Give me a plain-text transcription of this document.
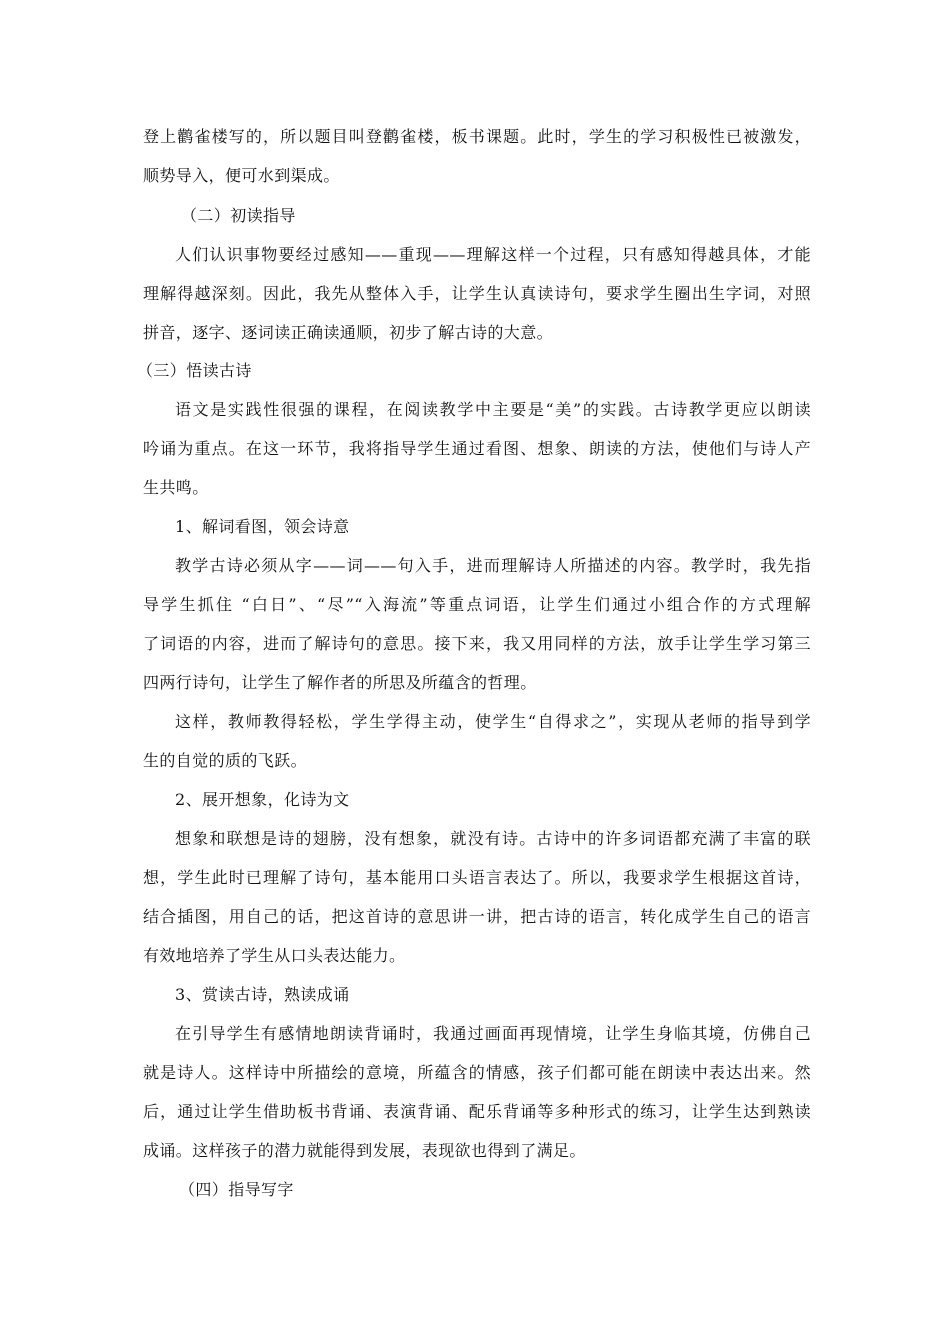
登上鹳雀楼写的，所以题目叫登鹳雀楼，板书课题。此时，学生的学习积极性已被激发，
顺势导入，便可水到渠成。
（二）初读指导
人们认识事物要经过感知——重现——理解这样一个过程，只有感知得越具体，才能
理解得越深刻。因此，我先从整体入手，让学生认真读诗句，要求学生圈出生字词，对照
拼音，逐字、逐词读正确读通顺，初步了解古诗的大意。
（三）悟读古诗
语文是实践性很强的课程，在阅读教学中主要是“美”的实践。古诗教学更应以朗读
吟诵为重点。在这一环节，我将指导学生通过看图、想象、朗读的方法，使他们与诗人产
生共鸣。
1、解词看图，领会诗意
教学古诗必须从字——词——句入手，进而理解诗人所描述的内容。教学时，我先指
导学生抓住 “白日”、“尽”“入海流”等重点词语，让学生们通过小组合作的方式理解
了词语的内容，进而了解诗句的意思。接下来，我又用同样的方法，放手让学生学习第三
四两行诗句，让学生了解作者的所思及所蕴含的哲理。
这样，教师教得轻松，学生学得主动，使学生“自得求之”，实现从老师的指导到学
生的自觉的质的飞跃。
2、展开想象，化诗为文
想象和联想是诗的翅膀，没有想象，就没有诗。古诗中的许多词语都充满了丰富的联
想，学生此时已理解了诗句，基本能用口头语言表达了。所以，我要求学生根据这首诗，
结合插图，用自己的话，把这首诗的意思讲一讲，把古诗的语言，转化成学生自己的语言
有效地培养了学生从口头表达能力。
3、赏读古诗，熟读成诵
在引导学生有感情地朗读背诵时，我通过画面再现情境，让学生身临其境，仿佛自己
就是诗人。这样诗中所描绘的意境，所蕴含的情感，孩子们都可能在朗读中表达出来。然
后，通过让学生借助板书背诵、表演背诵、配乐背诵等多种形式的练习，让学生达到熟读
成诵。这样孩子的潜力就能得到发展，表现欲也得到了满足。
（四）指导写字
